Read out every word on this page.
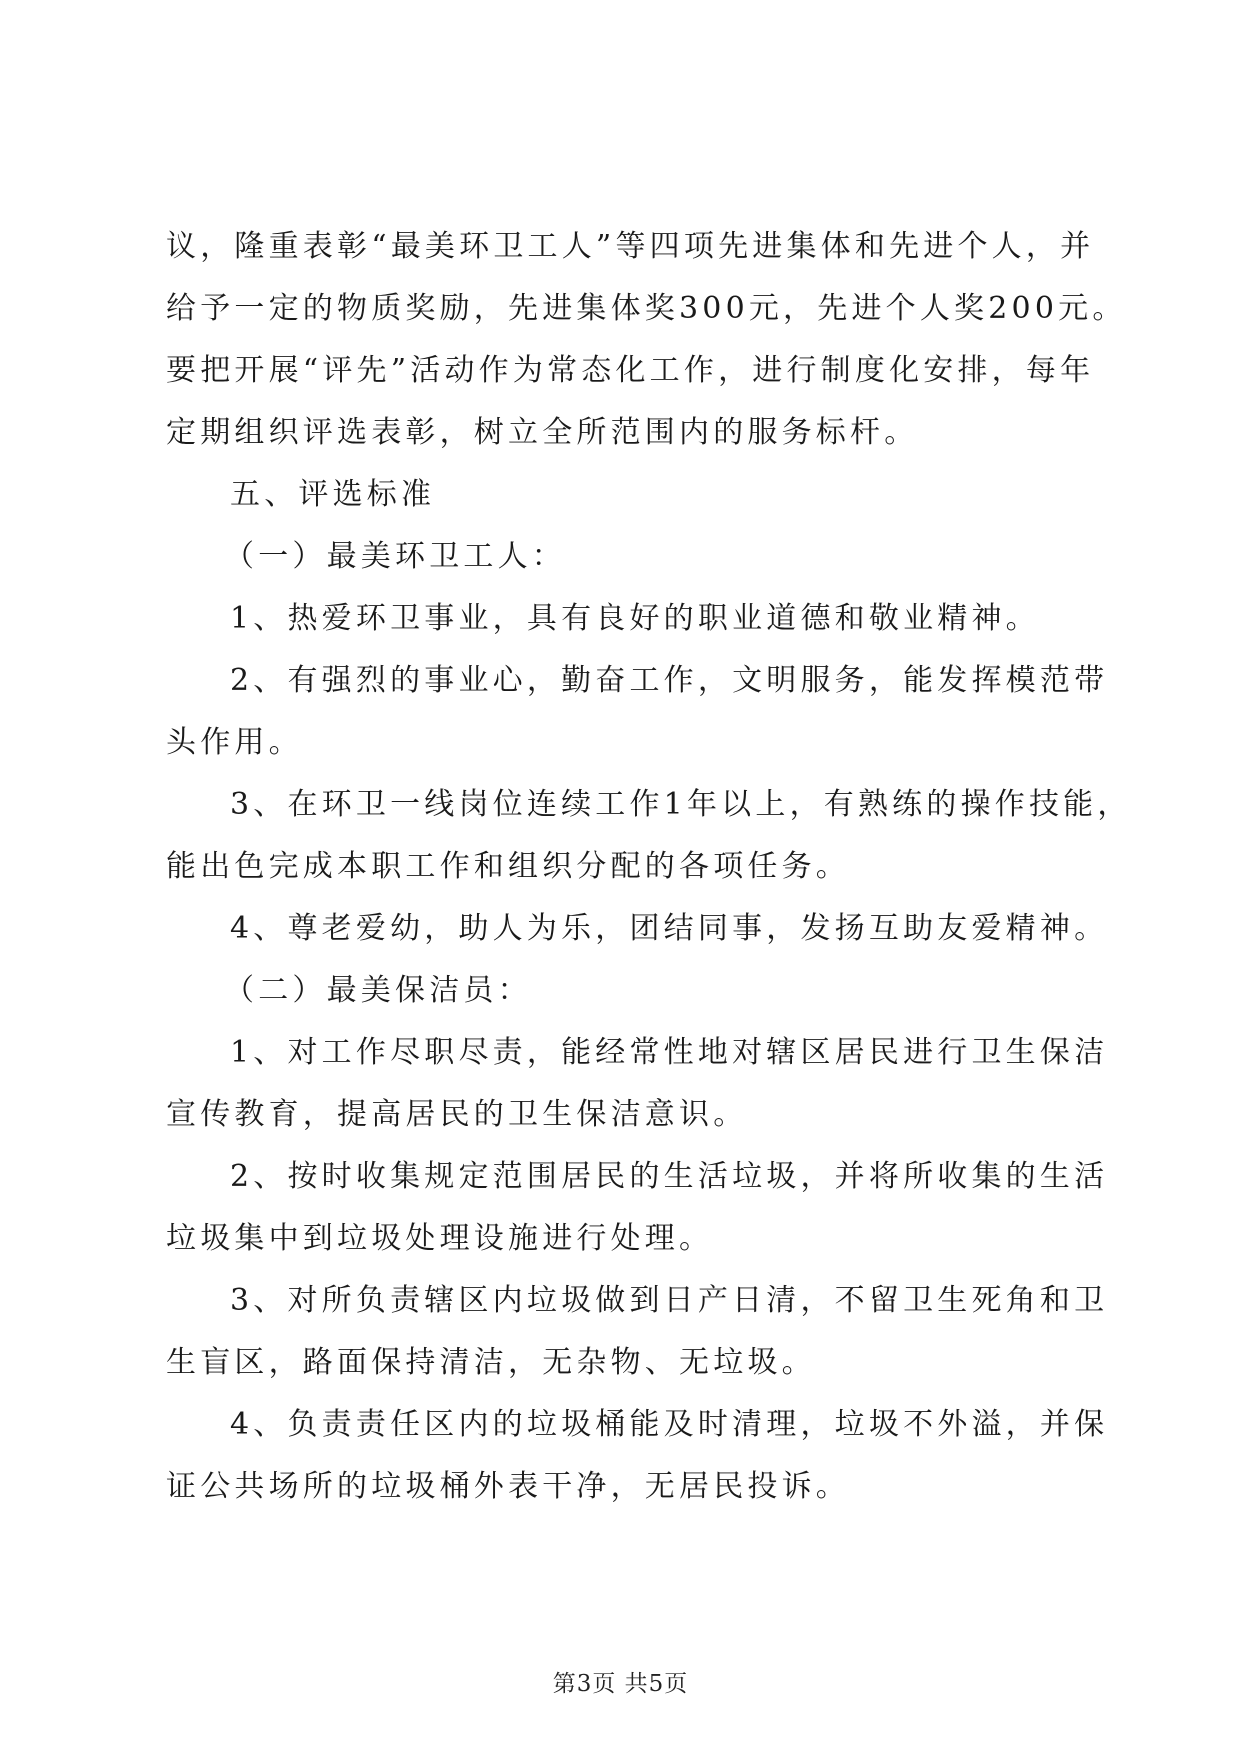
议，隆重表彰“最美环卫工人”等四项先进集体和先进个人，并
给予一定的物质奖励，先进集体奖300元，先进个人奖200元。
要把开展“评先”活动作为常态化工作，进行制度化安排，每年
定期组织评选表彰，树立全所范围内的服务标杆。
五、评选标准
（一）最美环卫工人：
1、热爱环卫事业，具有良好的职业道德和敬业精神。
2、有强烈的事业心，勤奋工作，文明服务，能发挥模范带
头作用。
3、在环卫一线岗位连续工作1年以上，有熟练的操作技能，
能出色完成本职工作和组织分配的各项任务。
4、尊老爱幼，助人为乐，团结同事，发扬互助友爱精神。
（二）最美保洁员：
1、对工作尽职尽责，能经常性地对辖区居民进行卫生保洁
宣传教育，提高居民的卫生保洁意识。
2、按时收集规定范围居民的生活垃圾，并将所收集的生活
垃圾集中到垃圾处理设施进行处理。
3、对所负责辖区内垃圾做到日产日清，不留卫生死角和卫
生盲区，路面保持清洁，无杂物、无垃圾。
4、负责责任区内的垃圾桶能及时清理，垃圾不外溢，并保
证公共场所的垃圾桶外表干净，无居民投诉。
第3页 共5页
